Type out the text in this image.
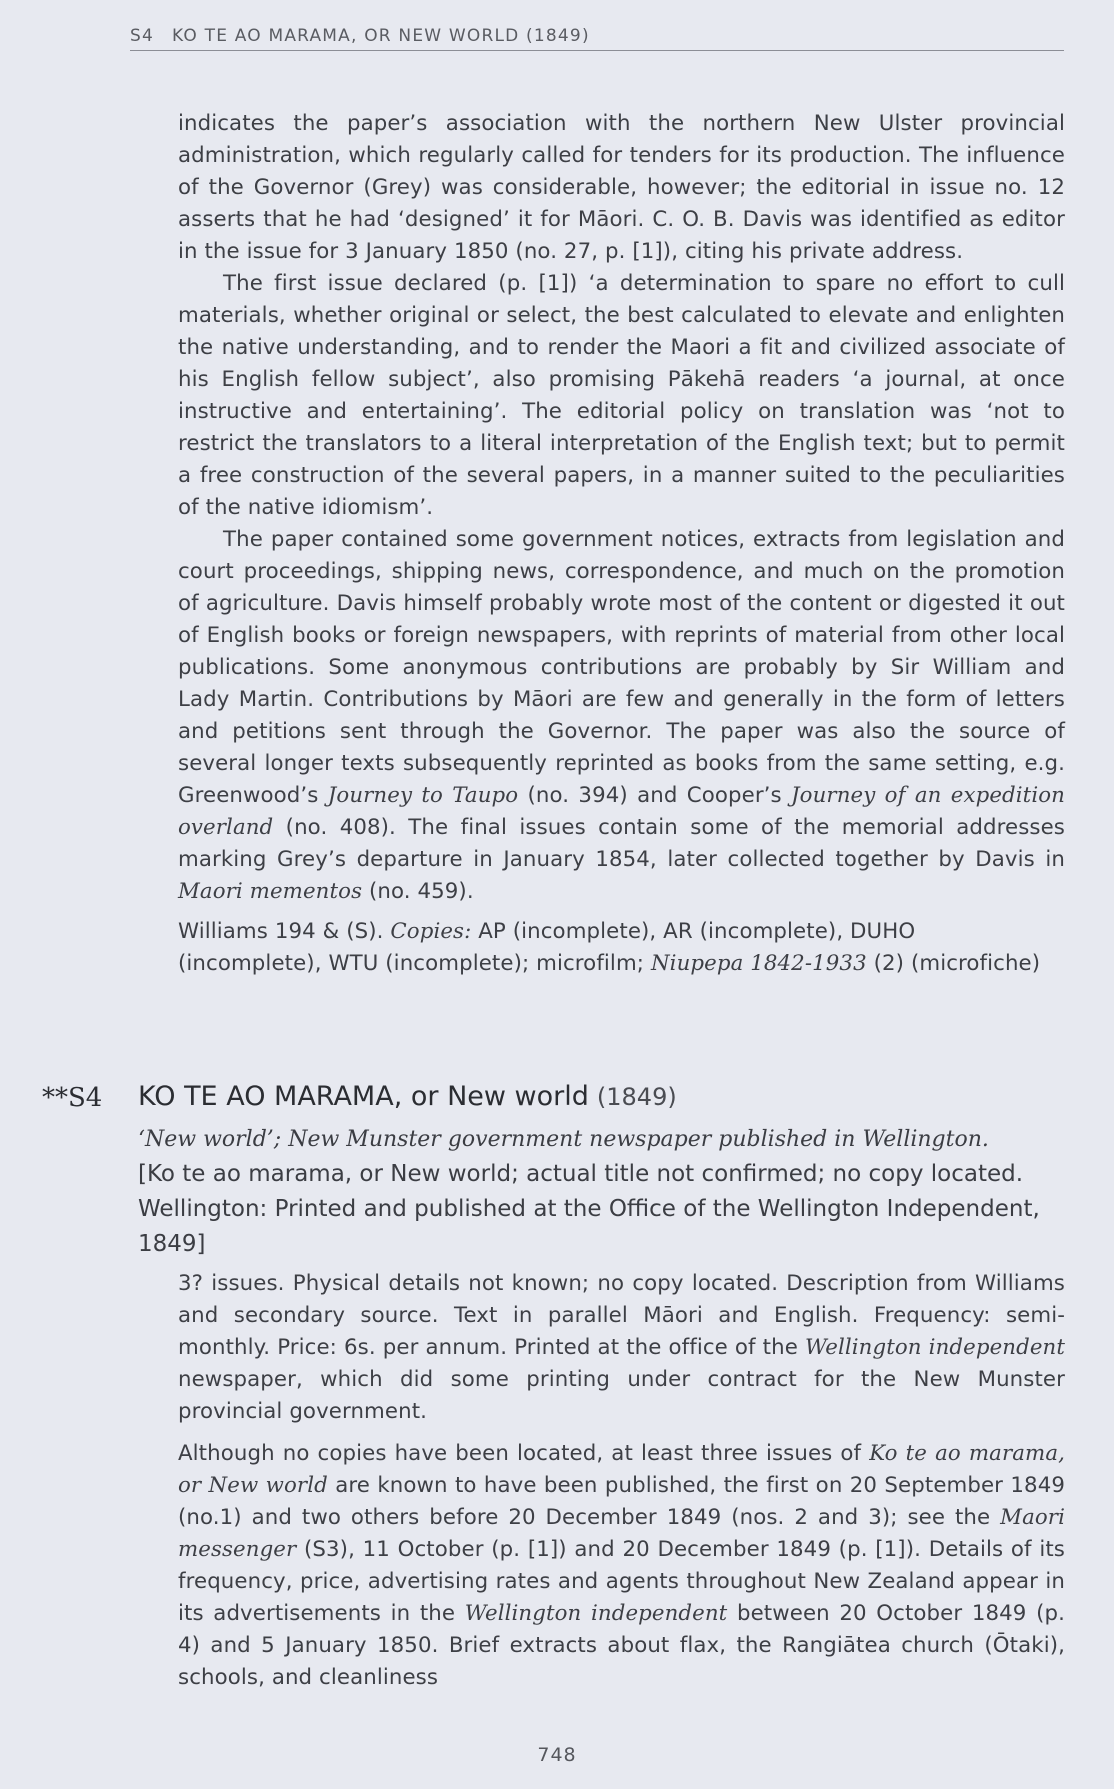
S4 KO TE AO MARAMA, OR NEW WORLD (1849)

indicates the paper’s association with the northern New Ulster provincial administration, which regularly called for tenders for its production. The influence of the Governor (Grey) was considerable, however; the editorial in issue no. 12 asserts that he had ‘designed’ it for Māori. C. O. B. Davis was identified as editor in the issue for 3 January 1850 (no. 27, p. [1]), citing his private address.

The first issue declared (p. [1]) ‘a determination to spare no effort to cull materials, whether original or select, the best calculated to elevate and enlighten the native understanding, and to render the Maori a fit and civilized associate of his English fellow subject’, also promising Pākehā readers ‘a journal, at once instructive and entertaining’. The editorial policy on translation was ‘not to restrict the translators to a literal interpretation of the English text; but to permit a free construction of the several papers, in a manner suited to the peculiarities of the native idiomism’.

The paper contained some government notices, extracts from legislation and court proceedings, shipping news, correspondence, and much on the promotion of agriculture. Davis himself probably wrote most of the content or digested it out of English books or foreign newspapers, with reprints of material from other local publications. Some anonymous contributions are probably by Sir William and Lady Martin. Contributions by Māori are few and generally in the form of letters and petitions sent through the Governor. The paper was also the source of several longer texts subsequently reprinted as books from the same setting, e.g. Greenwood’s Journey to Taupo (no. 394) and Cooper’s Journey of an expedition overland (no. 408). The final issues contain some of the memorial addresses marking Grey’s departure in January 1854, later collected together by Davis in Maori mementos (no. 459).

Williams 194 & (S). Copies: AP (incomplete), AR (incomplete), DUHO (incomplete), WTU (incomplete); microfilm; Niupepa 1842-1933 (2) (microfiche)

**S4 KO TE AO MARAMA, or New world (1849)
‘New world’; New Munster government newspaper published in Wellington.
[Ko te ao marama, or New world; actual title not confirmed; no copy located. Wellington: Printed and published at the Office of the Wellington Independent, 1849]

3? issues. Physical details not known; no copy located. Description from Williams and secondary source. Text in parallel Māori and English. Frequency: semi-monthly. Price: 6s. per annum. Printed at the office of the Wellington independent newspaper, which did some printing under contract for the New Munster provincial government.

Although no copies have been located, at least three issues of Ko te ao marama, or New world are known to have been published, the first on 20 September 1849 (no.1) and two others before 20 December 1849 (nos. 2 and 3); see the Maori messenger (S3), 11 October (p. [1]) and 20 December 1849 (p. [1]). Details of its frequency, price, advertising rates and agents throughout New Zealand appear in its advertisements in the Wellington independent between 20 October 1849 (p. 4) and 5 January 1850. Brief extracts about flax, the Rangiātea church (Ōtaki), schools, and cleanliness

748
